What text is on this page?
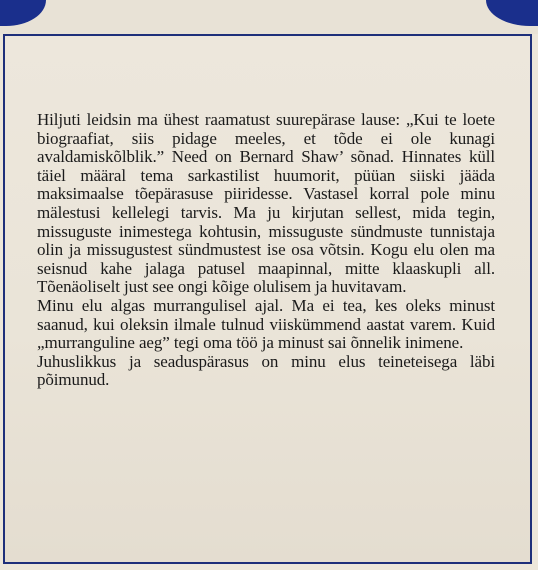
Hiljuti leidsin ma ühest raamatust suurepärase lause: „Kui te loete biograafiat, siis pidage meeles, et tõde ei ole kunagi avaldamiskõlblik.” Need on Bernard Shaw’ sõnad. Hinnates küll täiel määral tema sarkastilist huumorit, püüan siiski jääda maksimaalse tõepärasuse piiridesse. Vastasel korral pole minu mälestusi kellelegi tarvis. Ma ju kirjutan sellest, mida tegin, missuguste inimestega kohtusin, missuguste sündmuste tunnistaja olin ja missugustest sündmustest ise osa võtsin. Kogu elu olen ma seisnud kahe jalaga patusel maapinnal, mitte klaaskupli all. Tõenäoliselt just see ongi kõige olulisem ja huvitavam.

Minu elu algas murrangulisel ajal. Ma ei tea, kes oleks minust saanud, kui oleksin ilmale tulnud viiskümmend aastat varem. Kuid „murranguline aeg” tegi oma töö ja minust sai õnnelik inimene.

Juhuslikkus ja seaduspärasus on minu elus teineteisega läbi põimunud.
